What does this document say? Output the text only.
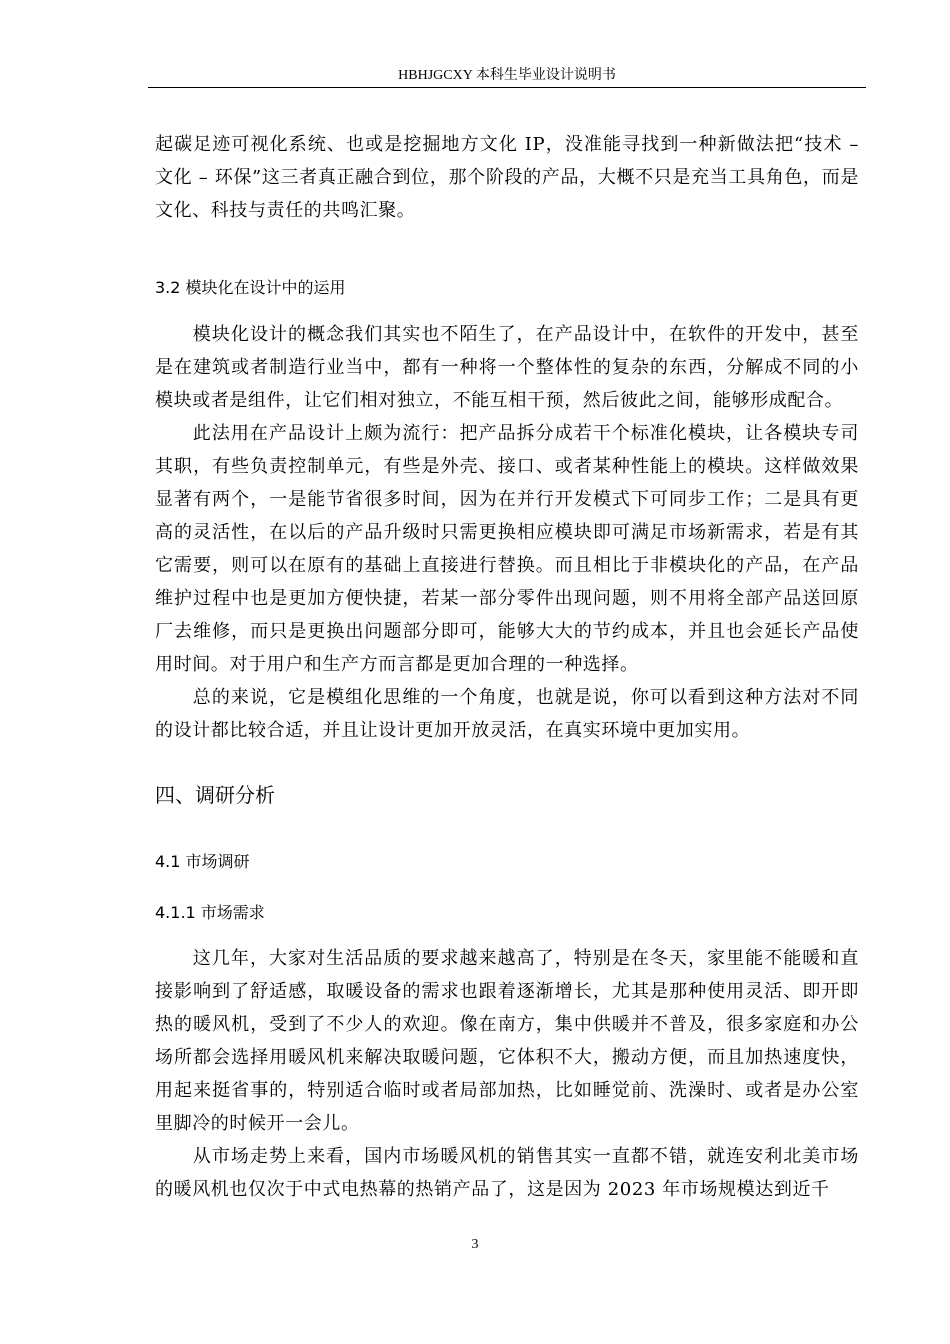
HBHJGCXY 本科生毕业设计说明书

起碳足迹可视化系统、也或是挖掘地方文化 IP，没准能寻找到一种新做法把“技术 – 文化 – 环保”这三者真正融合到位，那个阶段的产品，大概不只是充当工具角色，而是文化、科技与责任的共鸣汇聚。

3.2 模块化在设计中的运用

模块化设计的概念我们其实也不陌生了，在产品设计中，在软件的开发中，甚至是在建筑或者制造行业当中，都有一种将一个整体性的复杂的东西，分解成不同的小模块或者是组件，让它们相对独立，不能互相干预，然后彼此之间，能够形成配合。

此法用在产品设计上颇为流行：把产品拆分成若干个标准化模块，让各模块专司其职，有些负责控制单元，有些是外壳、接口、或者某种性能上的模块。这样做效果显著有两个，一是能节省很多时间，因为在并行开发模式下可同步工作；二是具有更高的灵活性，在以后的产品升级时只需更换相应模块即可满足市场新需求，若是有其它需要，则可以在原有的基础上直接进行替换。而且相比于非模块化的产品，在产品维护过程中也是更加方便快捷，若某一部分零件出现问题，则不用将全部产品送回原厂去维修，而只是更换出问题部分即可，能够大大的节约成本，并且也会延长产品使用时间。对于用户和生产方而言都是更加合理的一种选择。

总的来说，它是模组化思维的一个角度，也就是说，你可以看到这种方法对不同的设计都比较合适，并且让设计更加开放灵活，在真实环境中更加实用。

四、调研分析
4.1 市场调研
4.1.1 市场需求

这几年，大家对生活品质的要求越来越高了，特别是在冬天，家里能不能暖和直接影响到了舒适感，取暖设备的需求也跟着逐渐增长，尤其是那种使用灵活、即开即热的暖风机，受到了不少人的欢迎。像在南方，集中供暖并不普及，很多家庭和办公场所都会选择用暖风机来解决取暖问题，它体积不大，搬动方便，而且加热速度快，用起来挺省事的，特别适合临时或者局部加热，比如睡觉前、洗澡时、或者是办公室里脚冷的时候开一会儿。

从市场走势上来看，国内市场暖风机的销售其实一直都不错，就连安利北美市场的暖风机也仅次于中式电热幕的热销产品了，这是因为 2023 年市场规模达到近千

3
